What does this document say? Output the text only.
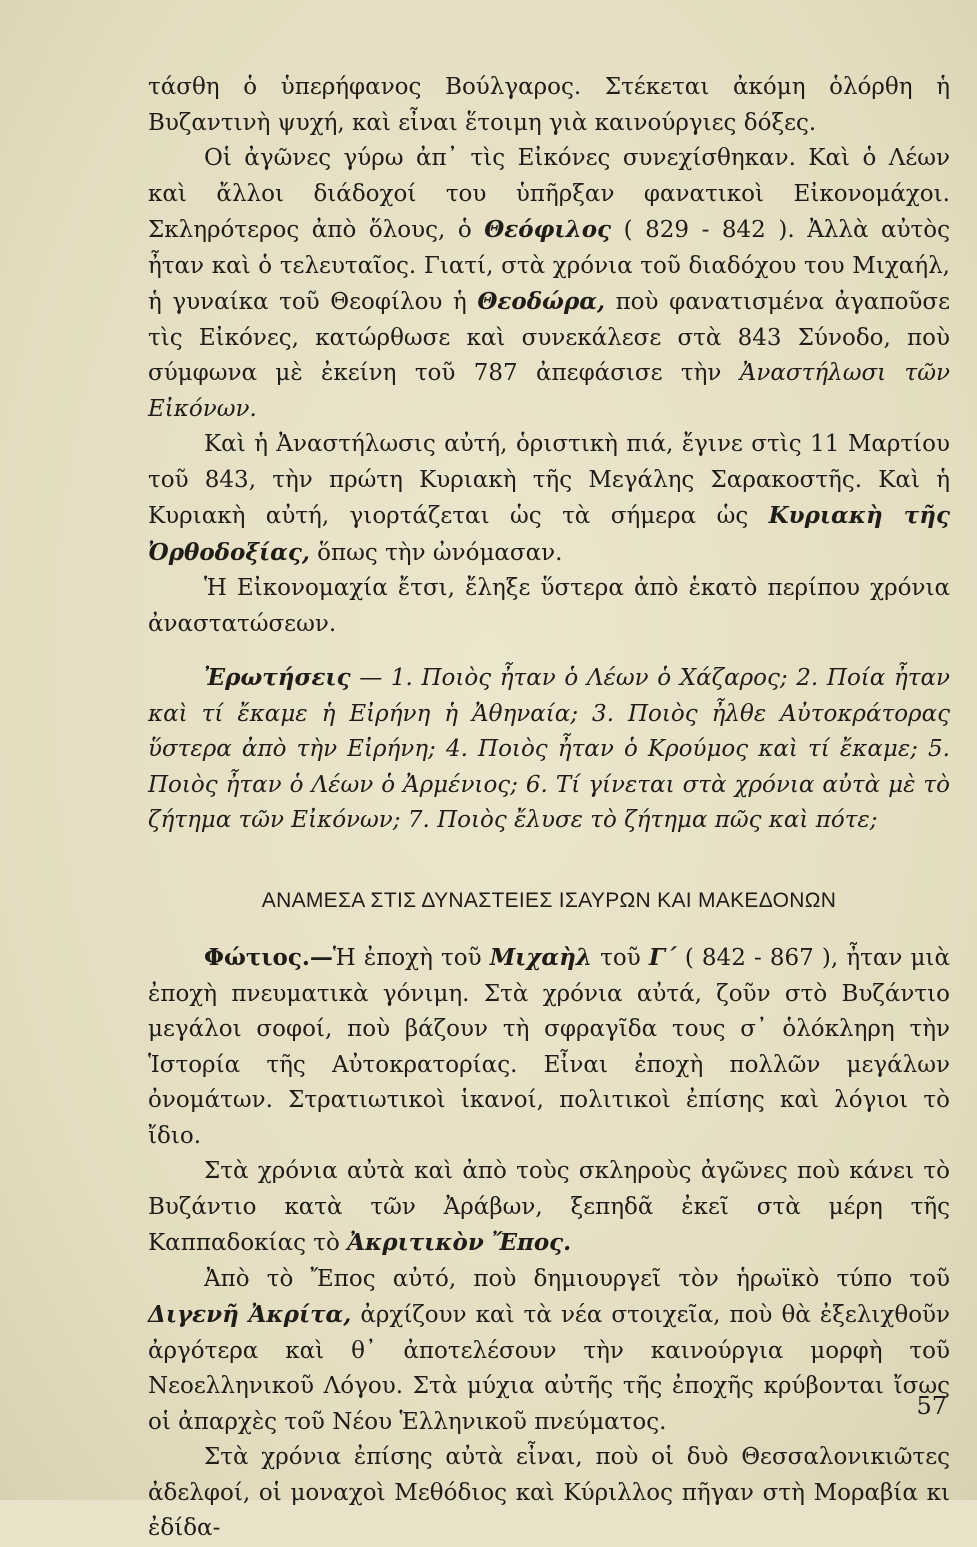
τάσθη ὁ ὑπερήφανος Βούλγαρος. Στέκεται ἀκόμη ὁλόρθη ἡ Βυζαντινὴ ψυχή, καὶ εἶναι ἕτοιμη γιὰ καινούργιες δόξες.

Οἱ ἀγῶνες γύρω ἀπ᾿ τὶς Εἰκόνες συνεχίσθηκαν. Καὶ ὁ Λέων καὶ ἄλλοι διάδοχοί του ὑπῆρξαν φανατικοὶ Εἰκονομάχοι. Σκληρότερος ἀπὸ ὅλους, ὁ Θεόφιλος ( 829 - 842 ). Ἀλλὰ αὐτὸς ἦταν καὶ ὁ τελευταῖος. Γιατί, στὰ χρόνια τοῦ διαδόχου του Μιχαήλ, ἡ γυναίκα τοῦ Θεοφίλου ἡ Θεοδώρα, ποὺ φανατισμένα ἀγαποῦσε τὶς Εἰκόνες, κατώρθωσε καὶ συνεκάλεσε στὰ 843 Σύνοδο, ποὺ σύμφωνα μὲ ἐκείνη τοῦ 787 ἀπεφάσισε τὴν Ἀναστήλωσι τῶν Εἰκόνων.

Καὶ ἡ Ἀναστήλωσις αὐτή, ὁριστικὴ πιά, ἔγινε στὶς 11 Μαρτίου τοῦ 843, τὴν πρώτη Κυριακὴ τῆς Μεγάλης Σαρακοστῆς. Καὶ ἡ Κυριακὴ αὐτή, γιορτάζεται ὡς τὰ σήμερα ὡς Κυριακὴ τῆς Ὀρθοδοξίας, ὅπως τὴν ὠνόμασαν.

Ἡ Εἰκονομαχία ἔτσι, ἔληξε ὕστερα ἀπὸ ἑκατὸ περίπου χρόνια ἀναστατώσεων.

Ἐρωτήσεις — 1. Ποιὸς ἦταν ὁ Λέων ὁ Χάζαρος; 2. Ποία ἦταν καὶ τί ἔκαμε ἡ Εἰρήνη ἡ Ἀθηναία; 3. Ποιὸς ἦλθε Αὐτοκράτορας ὕστερα ἀπὸ τὴν Εἰρήνη; 4. Ποιὸς ἦταν ὁ Κρούμος καὶ τί ἔκαμε; 5. Ποιὸς ἦταν ὁ Λέων ὁ Ἀρμένιος; 6. Τί γίνεται στὰ χρόνια αὐτὰ μὲ τὸ ζήτημα τῶν Εἰκόνων; 7. Ποιὸς ἔλυσε τὸ ζήτημα πῶς καὶ πότε;

ΑΝΑΜΕΣΑ ΣΤΙΣ ΔΥΝΑΣΤΕΙΕΣ ΙΣΑΥΡΩΝ ΚΑΙ ΜΑΚΕΔΟΝΩΝ

Φώτιος.—Ἡ ἐποχὴ τοῦ Μιχαὴλ τοῦ Γ΄ ( 842 - 867 ), ἦταν μιὰ ἐποχὴ πνευματικὰ γόνιμη. Στὰ χρόνια αὐτά, ζοῦν στὸ Βυζάντιο μεγάλοι σοφοί, ποὺ βάζουν τὴ σφραγῖδα τους σ᾿ ὁλόκληρη τὴν Ἱστορία τῆς Αὐτοκρατορίας. Εἶναι ἐποχὴ πολλῶν μεγάλων ὀνομάτων. Στρατιωτικοὶ ἱκανοί, πολιτικοὶ ἐπίσης καὶ λόγιοι τὸ ἴδιο.

Στὰ χρόνια αὐτὰ καὶ ἀπὸ τοὺς σκληροὺς ἀγῶνες ποὺ κάνει τὸ Βυζάντιο κατὰ τῶν Ἀράβων, ξεπηδᾶ ἐκεῖ στὰ μέρη τῆς Καππαδοκίας τὸ Ἀκριτικὸν Ἔπος.

Ἀπὸ τὸ Ἔπος αὐτό, ποὺ δημιουργεῖ τὸν ἡρωϊκὸ τύπο τοῦ Διγενῆ Ἀκρίτα, ἀρχίζουν καὶ τὰ νέα στοιχεῖα, ποὺ θὰ ἐξελιχθοῦν ἀργότερα καὶ θ᾿ ἀποτελέσουν τὴν καινούργια μορφὴ τοῦ Νεοελληνικοῦ Λόγου. Στὰ μύχια αὐτῆς τῆς ἐποχῆς κρύβονται ἴσως οἱ ἀπαρχὲς τοῦ Νέου Ἑλληνικοῦ πνεύματος.

Στὰ χρόνια ἐπίσης αὐτὰ εἶναι, ποὺ οἱ δυὸ Θεσσαλονικιῶτες ἀδελφοί, οἱ μοναχοὶ Μεθόδιος καὶ Κύριλλος πῆγαν στὴ Μοραβία κι ἐδίδα-

57
